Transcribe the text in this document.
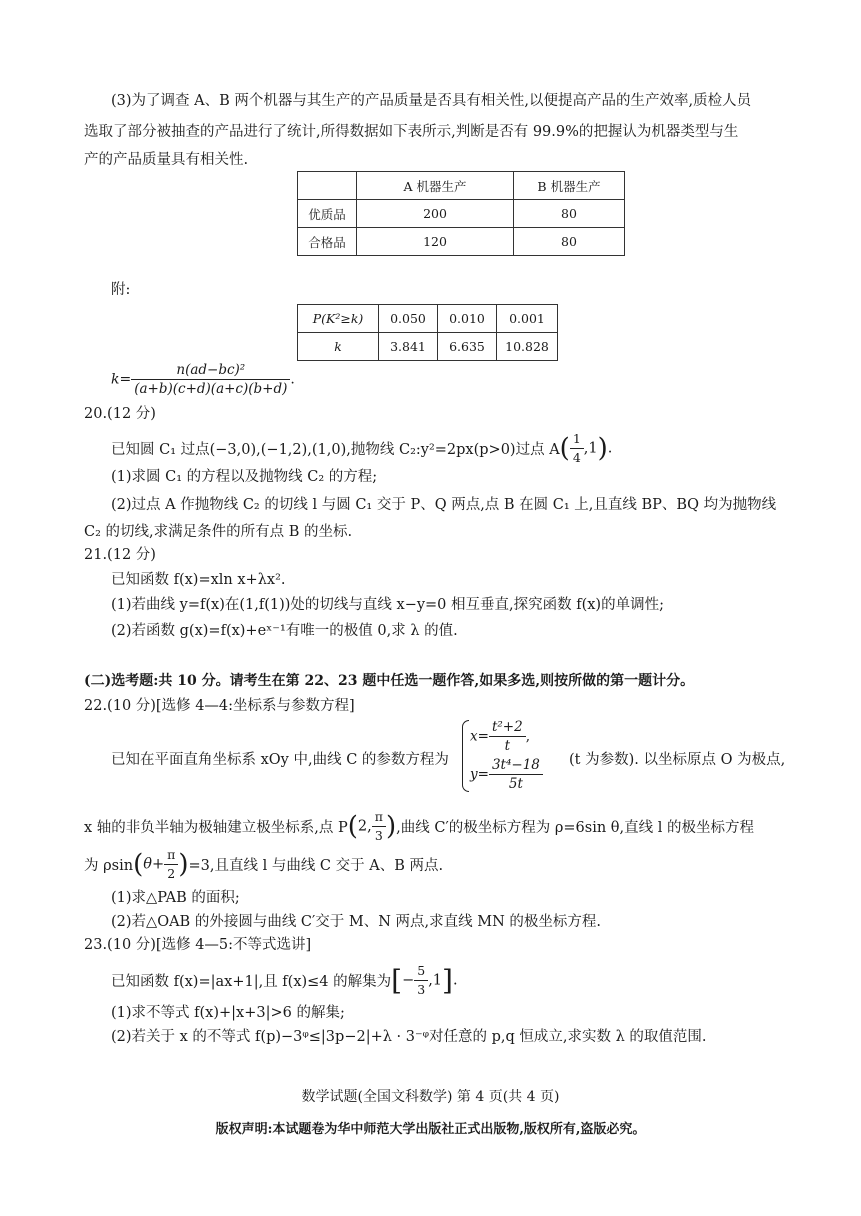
(3)为了调查 A、B 两个机器与其生产的产品质量是否具有相关性,以便提高产品的生产效率,质检人员
选取了部分被抽查的产品进行了统计,所得数据如下表所示,判断是否有 99.9%的把握认为机器类型与生
产的产品质量具有相关性.
	A 机器生产	B 机器生产
优质品	200	80
合格品	120	80
附:
P(K²≥k)	0.050	0.010	0.001
k	3.841	6.635	10.828
$k= \frac{\text{n(ad−bc)²}}{(a+b)(c+d)(a+c)(b+d)}$ .
20.(12 分)
已知圆 C₁ 过点(−3,0),(−1,2),(1,0),抛物线 C₂:y²=2px(p>0)过点 $A( \frac{1}{4} ,1)$.
(1)求圆 C₁ 的方程以及抛物线 C₂ 的方程;
(2)过点 A 作抛物线 C₂ 的切线 l 与圆 C₁ 交于 P、Q 两点,点 B 在圆 C₁ 上,且直线 BP、BQ 均为抛物线
C₂ 的切线,求满足条件的所有点 B 的坐标.
21.(12 分)
已知函数 f(x)=xln x+λx².
(1)若曲线 y=f(x)在(1,f(1))处的切线与直线 x−y=0 相互垂直,探究函数 f(x)的单调性;
(2)若函数 g(x)=f(x)+eˣ⁻¹有唯一的极值 0,求 λ 的值.
(二)选考题:共 10 分。请考生在第 22、23 题中任选一题作答,如果多选,则按所做的第一题计分。
22.(10 分)[选修 4—4:坐标系与参数方程]
已知在平面直角坐标系 xOy 中,曲线 C 的参数方程为
$x= \frac{\text{t²+2}}{t}$ ,
$y= \frac{\text{3t⁴−18}}{5t} (t$ 为参数). 以坐标原点 O 为极点,
x 轴的非负半轴为极轴建立极坐标系,点 P(2, $\frac{\pi}{3}$ ),曲线 C′的极坐标方程为 ρ=6sin θ,直线 l 的极坐标方程
为 $\rho\sin(\theta+ \frac{\pi}{2} )=3$,且直线 l 与曲线 C 交于 A、B 两点.
(1)求△PAB 的面积;
(2)若△OAB 的外接圆与曲线 C′交于 M、N 两点,求直线 MN 的极坐标方程.
23.(10 分)[选修 4—5:不等式选讲]
已知函数 f(x)=|ax+1|,且 f(x)≤4 的解集为[− $\frac{5}{3} ,1$].
(1)求不等式 f(x)+|x+3|>6 的解集;
(2)若关于 x 的不等式 f(p)−3ᵠ≤|3p−2|+λ · 3⁻ᵠ对任意的 p,q 恒成立,求实数 λ 的取值范围.
数学试题(全国文科数学) 第 4 页(共 4 页)
版权声明:本试题卷为华中师范大学出版社正式出版物,版权所有,盗版必究。
